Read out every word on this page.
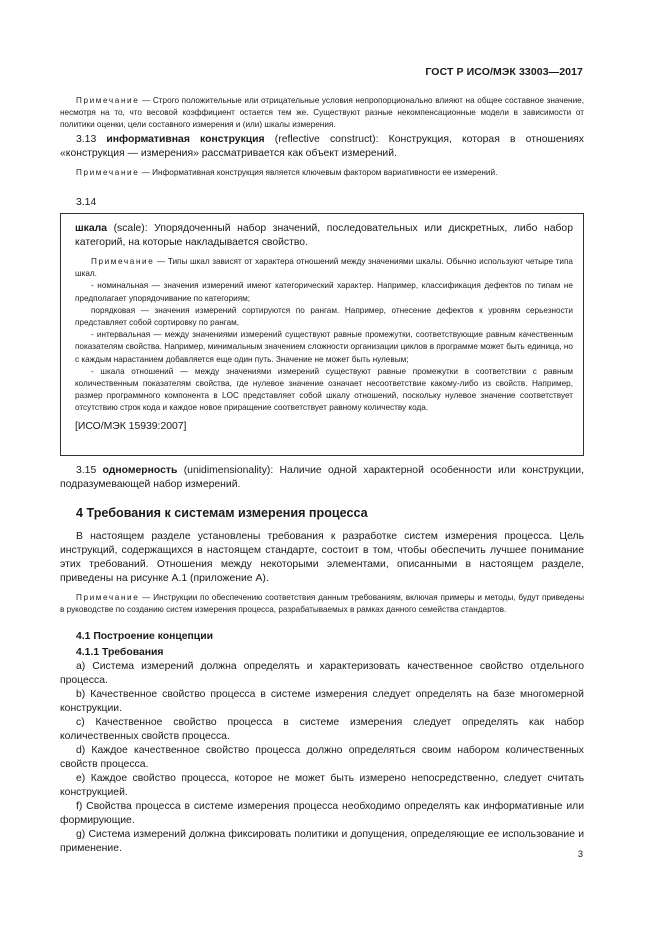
ГОСТ Р ИСО/МЭК 33003—2017

Примечание — Строго положительные или отрицательные условия непропорционально влияют на общее составное значение, несмотря на то, что весовой коэффициент остается тем же. Существуют разные некомпенсационные модели в зависимости от политики оценки, цели составного измерения и (или) шкалы измерения.

3.13 информативная конструкция (reflective construct): Конструкция, которая в отношениях «конструкция — измерения» рассматривается как объект измерений.

Примечание — Информативная конструкция является ключевым фактором вариативности ее измерений.

3.14

шкала (scale): Упорядоченный набор значений, последовательных или дискретных, либо набор категорий, на которые накладывается свойство.

Примечание — Типы шкал зависят от характера отношений между значениями шкалы. Обычно используют четыре типа шкал.

- номинальная — значения измерений имеют категорический характер. Например, классификация дефектов по типам не предполагает упорядочивание по категориям;

порядковая — значения измерений сортируются по рангам. Например, отнесение дефектов к уровням серьезности представляет собой сортировку по рангам,

- интервальная — между значениями измерений существуют равные промежутки, соответствующие равным качественным показателям свойства. Например, минимальным значением сложности организации циклов в программе может быть единица, но с каждым нарастанием добавляется еще один путь. Значение не может быть нулевым;

- шкала отношений — между значениями измерений существуют равные промежутки в соответствии с равным количественным показателям свойства, где нулевое значение означает несоответствие какому-либо из свойств. Например, размер программного компонента в LOC представляет собой шкалу отношений, поскольку нулевое значение соответствует отсутствию строк кода и каждое новое приращение соответствует равному количеству кода.

[ИСО/МЭК 15939:2007]

3.15 одномерность (unidimensionality): Наличие одной характерной особенности или конструкции, подразумевающей набор измерений.

4 Требования к системам измерения процесса

В настоящем разделе установлены требования к разработке систем измерения процесса. Цель инструкций, содержащихся в настоящем стандарте, состоит в том, чтобы обеспечить лучшее понимание этих требований. Отношения между некоторыми элементами, описанными в настоящем разделе, приведены на рисунке А.1 (приложение А).

Примечание — Инструкции по обеспечению соответствия данным требованиям, включая примеры и методы, будут приведены в руководстве по созданию систем измерения процесса, разрабатываемых в рамках данного семейства стандартов.

4.1 Построение концепции

4.1.1 Требования

a) Система измерений должна определять и характеризовать качественное свойство отдельного процесса.

b) Качественное свойство процесса в системе измерения следует определять на базе многомерной конструкции.

c) Качественное свойство процесса в системе измерения следует определять как набор количественных свойств процесса.

d) Каждое качественное свойство процесса должно определяться своим набором количественных свойств процесса.

e) Каждое свойство процесса, которое не может быть измерено непосредственно, следует считать конструкцией.

f) Свойства процесса в системе измерения процесса необходимо определять как информативные или формирующие.

g) Система измерений должна фиксировать политики и допущения, определяющие ее использование и применение.

3
